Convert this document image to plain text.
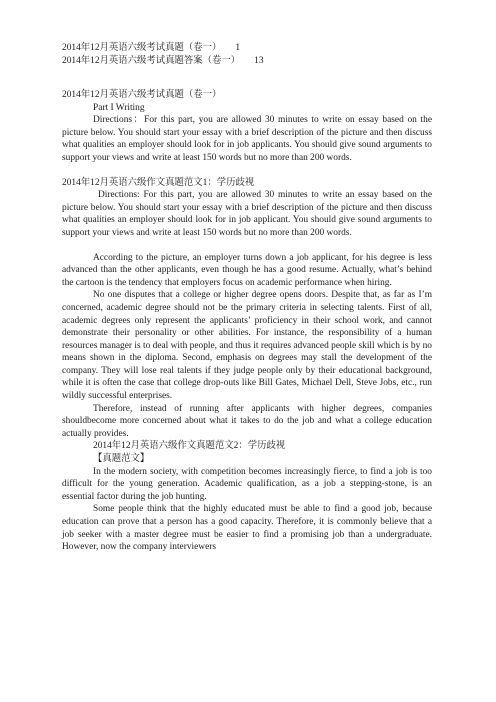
2014年12月英语六级考试真题（卷一） 1
2014年12月英语六级考试真题答案（卷一） 13
2014年12月英语六级考试真题（卷一）
Part I Writing
Directions：For this part, you are allowed 30 minutes to write on essay based on the picture below. You should start your essay with a brief description of the picture and then discuss what qualities an employer should look for in job applicants. You should give sound arguments to support your views and write at least 150 words but no more than 200 words.
2014年12月英语六级作文真题范文1：学历歧视
Directions: For this part, you are allowed 30 minutes to write an essay based on the picture below. You should start your essay with a brief description of the picture and then discuss what qualities an employer should look for in job applicant. You should give sound arguments to support your views and write at least 150 words but no more than 200 words.
According to the picture, an employer turns down a job applicant, for his degree is less advanced than the other applicants, even though he has a good resume. Actually, what’s behind the cartoon is the tendency that employers focus on academic performance when hiring.
No one disputes that a college or higher degree opens doors. Despite that, as far as I’m concerned, academic degree should not be the primary criteria in selecting talents. First of all, academic degrees only represent the applicants’ proficiency in their school work, and cannot demonstrate their personality or other abilities. For instance, the responsibility of a human resources manager is to deal with people, and thus it requires advanced people skill which is by no means shown in the diploma. Second, emphasis on degrees may stall the development of the company. They will lose real talents if they judge people only by their educational background, while it is often the case that college drop-outs like Bill Gates, Michael Dell, Steve Jobs, etc., run wildly successful enterprises.
Therefore, instead of running after applicants with higher degrees, companies shouldbecome more concerned about what it takes to do the job and what a college education actually provides.
2014年12月英语六级作文真题范文2：学历歧视
【真题范文】
In the modern society, with competition becomes increasingly fierce, to find a job is too difficult for the young generation. Academic qualification, as a job a stepping-stone, is an essential factor during the job hunting.
Some people think that the highly educated must be able to find a good job, because education can prove that a person has a good capacity. Therefore, it is commonly believe that a job seeker with a master degree must be easier to find a promising job than a undergraduate. However, now the company interviewers
